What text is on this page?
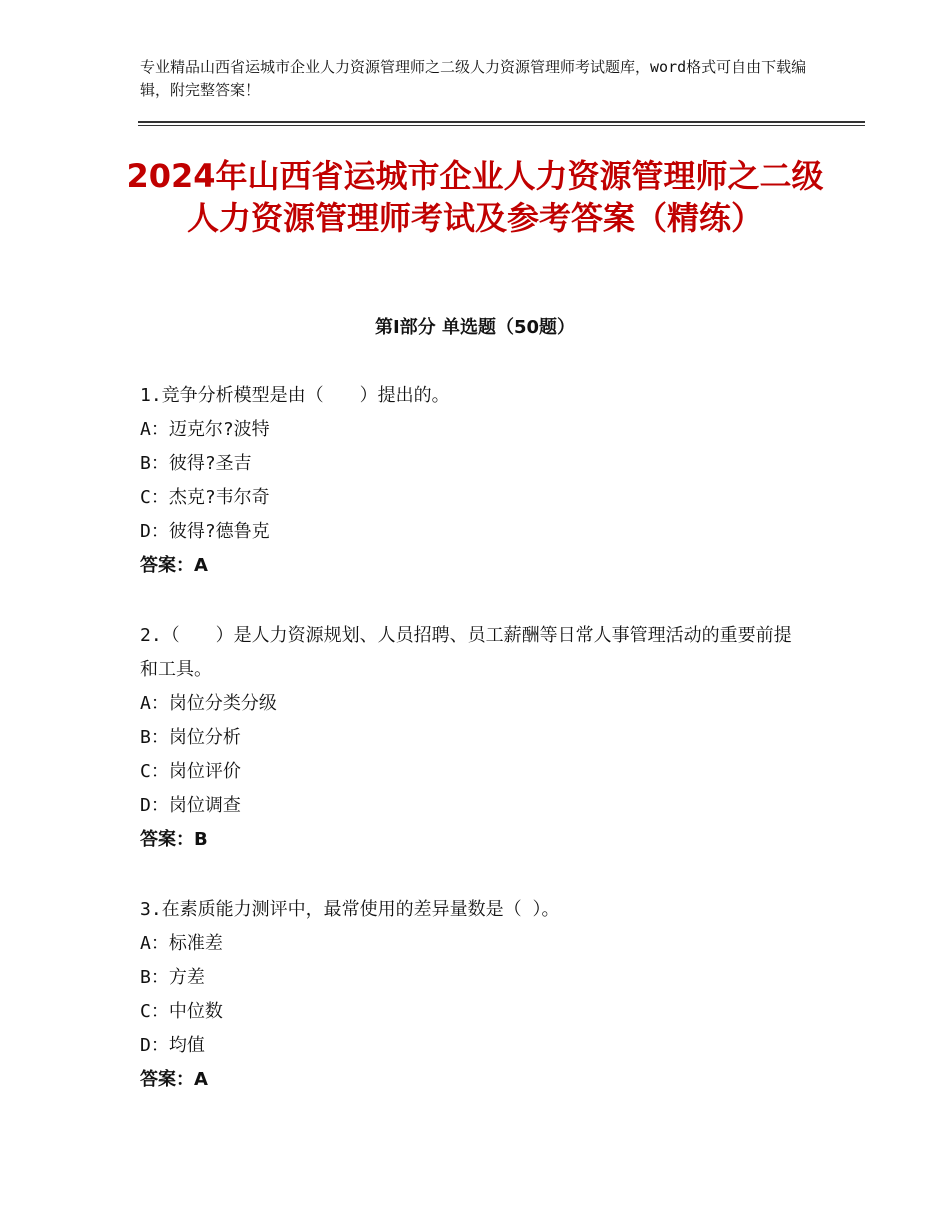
专业精品山西省运城市企业人力资源管理师之二级人力资源管理师考试题库，word格式可自由下载编辑，附完整答案！
2024年山西省运城市企业人力资源管理师之二级人力资源管理师考试及参考答案（精练）
第Ⅰ部分 单选题（50题）
1.竞争分析模型是由（　　）提出的。
A：迈克尔?波特
B：彼得?圣吉
C：杰克?韦尔奇
D：彼得?德鲁克
答案：A
2.（　　）是人力资源规划、人员招聘、员工薪酬等日常人事管理活动的重要前提和工具。
A：岗位分类分级
B：岗位分析
C：岗位评价
D：岗位调查
答案：B
3.在素质能力测评中，最常使用的差异量数是（ ）。
A：标准差
B：方差
C：中位数
D：均值
答案：A
